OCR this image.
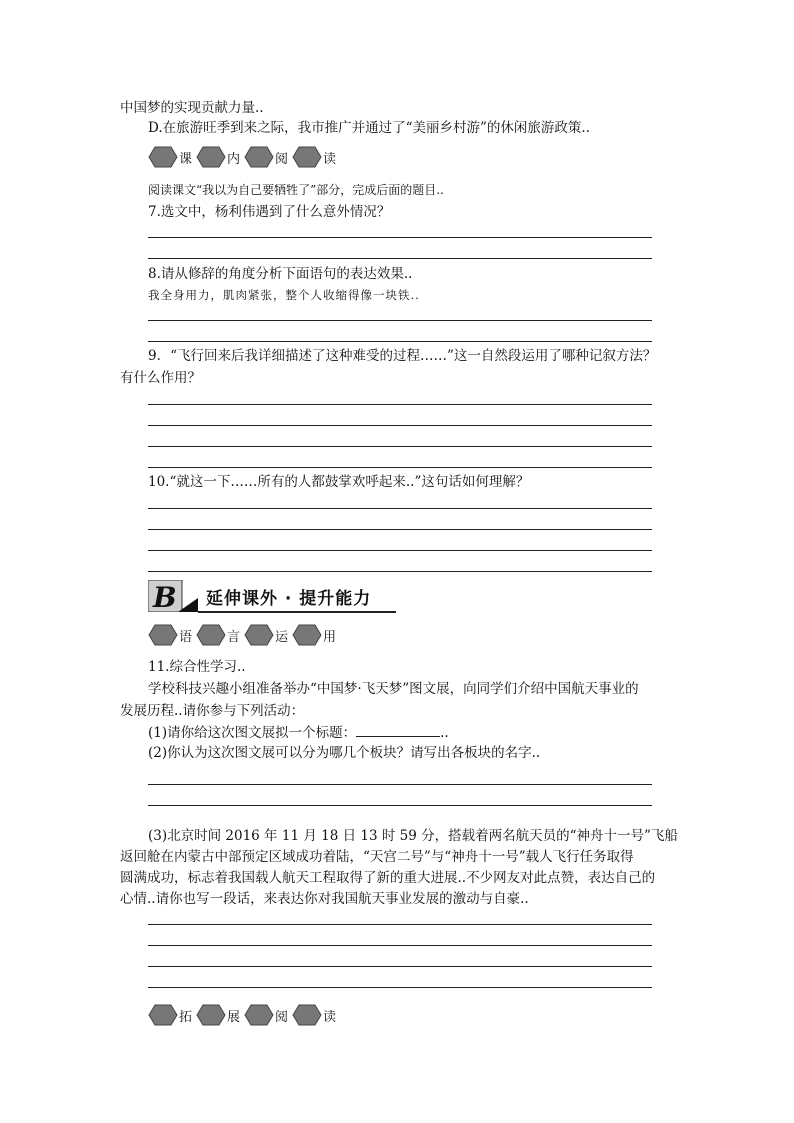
中国梦的实现贡献力量..
D.在旅游旺季到来之际，我市推广并通过了“美丽乡村游”的休闲旅游政策..
课	内	阅	读
阅读课文“我以为自己要牺牲了”部分，完成后面的题目..
7.选文中，杨利伟遇到了什么意外情况？
8.请从修辞的角度分析下面语句的表达效果..
我全身用力，肌肉紧张，整个人收缩得像一块铁..
9．“飞行回来后我详细描述了这种难受的过程……”这一自然段运用了哪种记叙方法？
有什么作用？
10.“就这一下……所有的人都鼓掌欢呼起来..”这句话如何理解？
B 延伸课外 · 提升能力
语	言	运	用
11.综合性学习..
学校科技兴趣小组准备举办“中国梦·飞天梦”图文展，向同学们介绍中国航天事业的
发展历程..请你参与下列活动：
(1)请你给这次图文展拟一个标题：	..
(2)你认为这次图文展可以分为哪几个板块？请写出各板块的名字..
(3)北京时间 2016 年 11 月 18 日 13 时 59 分，搭载着两名航天员的“神舟十一号”飞船
返回舱在内蒙古中部预定区域成功着陆，“天宫二号”与“神舟十一号”载人飞行任务取得
圆满成功，标志着我国载人航天工程取得了新的重大进展..不少网友对此点赞，表达自己的
心情..请你也写一段话，来表达你对我国航天事业发展的激动与自豪..
拓	展	阅	读
